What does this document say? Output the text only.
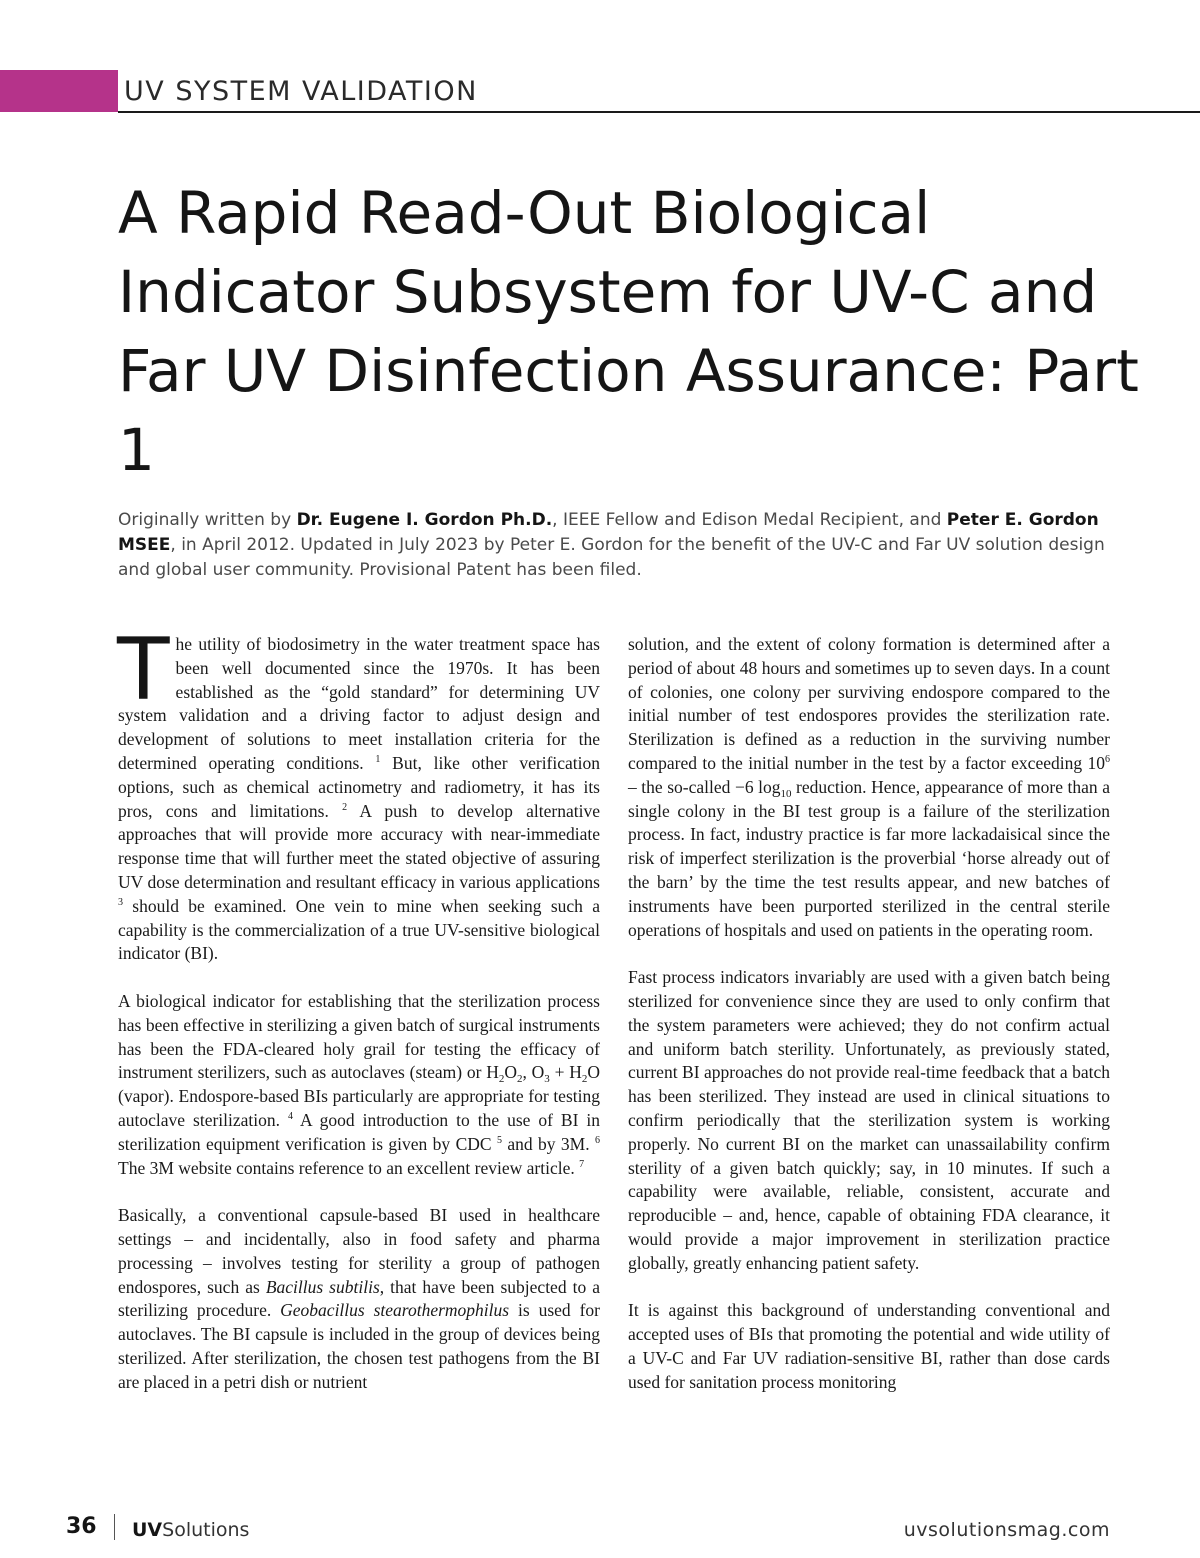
UV SYSTEM VALIDATION
A Rapid Read-Out Biological Indicator Subsystem for UV-C and Far UV Disinfection Assurance: Part 1

Originally written by Dr. Eugene I. Gordon Ph.D., IEEE Fellow and Edison Medal Recipient, and Peter E. Gordon MSEE, in April 2012. Updated in July 2023 by Peter E. Gordon for the benefit of the UV-C and Far UV solution design and global user community. Provisional Patent has been filed.

The utility of biodosimetry in the water treatment space has been well documented since the 1970s. It has been established as the “gold standard” for determining UV system validation and a driving factor to adjust design and development of solutions to meet installation criteria for the determined operating conditions. $^1$ But, like other verification options, such as chemical actinometry and radiometry, it has its pros, cons and limitations. $^2$ A push to develop alternative approaches that will provide more accuracy with near-immediate response time that will further meet the stated objective of assuring UV dose determination and resultant efficacy in various applications $^3$ should be examined. One vein to mine when seeking such a capability is the commercialization of a true UV-sensitive biological indicator (BI).

A biological indicator for establishing that the sterilization process has been effective in sterilizing a given batch of surgical instruments has been the FDA-cleared holy grail for testing the efficacy of instrument sterilizers, such as autoclaves (steam) or $H_2O_2$, $O_3 + H_2O$ (vapor). Endospore-based BIs particularly are appropriate for testing autoclave sterilization. $^4$ A good introduction to the use of BI in sterilization equipment verification is given by CDC $^5$ and by 3M. $^6$ The 3M website contains reference to an excellent review article. $^7$

Basically, a conventional capsule-based BI used in healthcare settings – and incidentally, also in food safety and pharma processing – involves testing for sterility a group of pathogen endospores, such as Bacillus subtilis, that have been subjected to a sterilizing procedure. Geobacillus stearothermophilus is used for autoclaves. The BI capsule is included in the group of devices being sterilized. After sterilization, the chosen test pathogens from the BI are placed in a petri dish or nutrient

solution, and the extent of colony formation is determined after a period of about 48 hours and sometimes up to seven days. In a count of colonies, one colony per surviving endospore compared to the initial number of test endospores provides the sterilization rate. Sterilization is defined as a reduction in the surviving number compared to the initial number in the test by a factor exceeding $10^6$ – the so-called −6 $\log_{10}$ reduction. Hence, appearance of more than a single colony in the BI test group is a failure of the sterilization process. In fact, industry practice is far more lackadaisical since the risk of imperfect sterilization is the proverbial ‘horse already out of the barn’ by the time the test results appear, and new batches of instruments have been purported sterilized in the central sterile operations of hospitals and used on patients in the operating room.

Fast process indicators invariably are used with a given batch being sterilized for convenience since they are used to only confirm that the system parameters were achieved; they do not confirm actual and uniform batch sterility. Unfortunately, as previously stated, current BI approaches do not provide real-time feedback that a batch has been sterilized. They instead are used in clinical situations to confirm periodically that the sterilization system is working properly. No current BI on the market can unassailability confirm sterility of a given batch quickly; say, in 10 minutes. If such a capability were available, reliable, consistent, accurate and reproducible – and, hence, capable of obtaining FDA clearance, it would provide a major improvement in sterilization practice globally, greatly enhancing patient safety.

It is against this background of understanding conventional and accepted uses of BIs that promoting the potential and wide utility of a UV-C and Far UV radiation-sensitive BI, rather than dose cards used for sanitation process monitoring

36 UVSolutions	uvsolutionsmag.com
